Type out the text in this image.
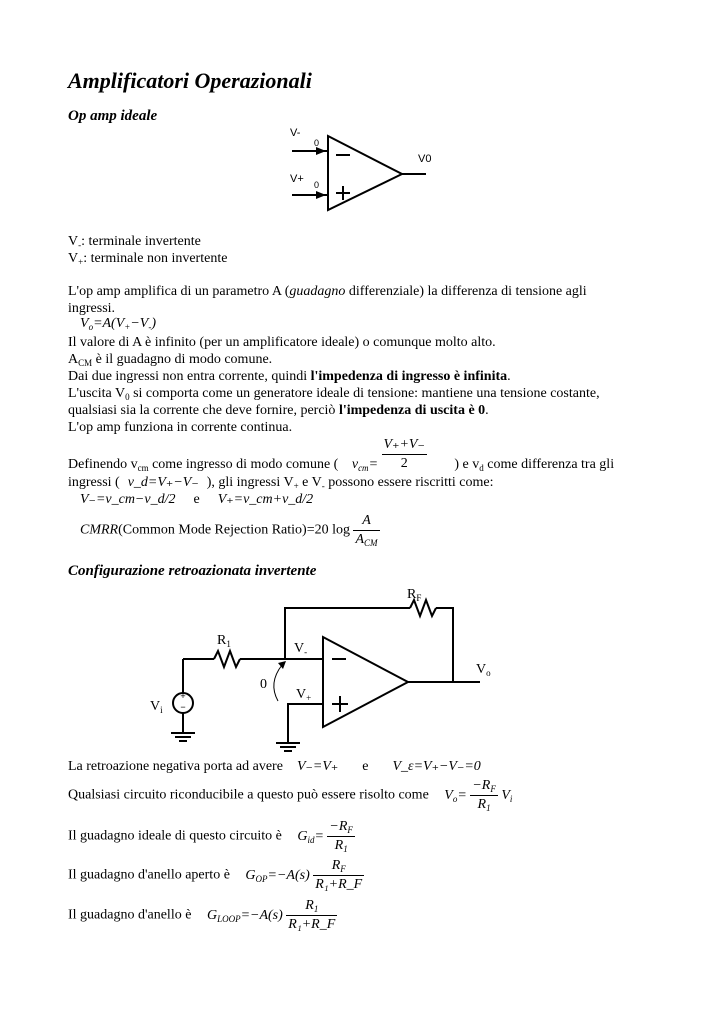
Amplificatori Operazionali
Op amp ideale
V-
V+
0
0
V0
$V_-$: terminale invertente
$V_+$: terminale non invertente
L'op amp amplifica di un parametro A (guadagno differenziale) la differenza di tensione agli
ingressi.
$V_o=A(V_+-V_-)$
Il valore di A è infinito (per un amplificatore ideale) o comunque molto alto.
$A_{CM}$ è il guadagno di modo comune.
Dai due ingressi non entra corrente, quindi l'impedenza di ingresso è infinita.
L'uscita $V_0$ si comporta come un generatore ideale di tensione: mantiene una tensione costante,
qualsiasi sia la corrente che deve fornire, perciò l'impedenza di uscita è 0.
L'op amp funziona in corrente continua.
Definendo $v_{cm}$ come ingresso di modo comune ( $v_{cm}= \frac{V_++V_-}{2}$ ) e $v_d$ come differenza tra gli
ingressi ( v_d=V₊−V₋ ), gli ingressi $V_+$ e $V_-$ possono essere riscritti come:
V₋=v_cm−v_d/2 e V₊=v_cm+v_d/2
CMRR(Common Mode Rejection Ratio)=20 $\log \frac{A}{A_{CM}}$
Configurazione retroazionata invertente
+
−
$R_F$
$R_1$	$V_-$
$V_+$
$V_o$
$V_i$
0
La retroazione negativa porta ad avere V₋=V₊ e V_ε=V₊−V₋=0
Qualsiasi circuito riconducibile a questo può essere risolto come $V_o= \frac{-R_F}{R_1} V_i$
Il guadagno ideale di questo circuito è $G_{id}= \frac{-R_F}{R_1}$
Il guadagno d'anello aperto è $G_{OP}=-A(s) \frac{R_F}{\text{R₁+R\_F}}$
Il guadagno d'anello è $G_{LOOP}=-A(s) \frac{R_1}{\text{R₁+R\_F}}$
